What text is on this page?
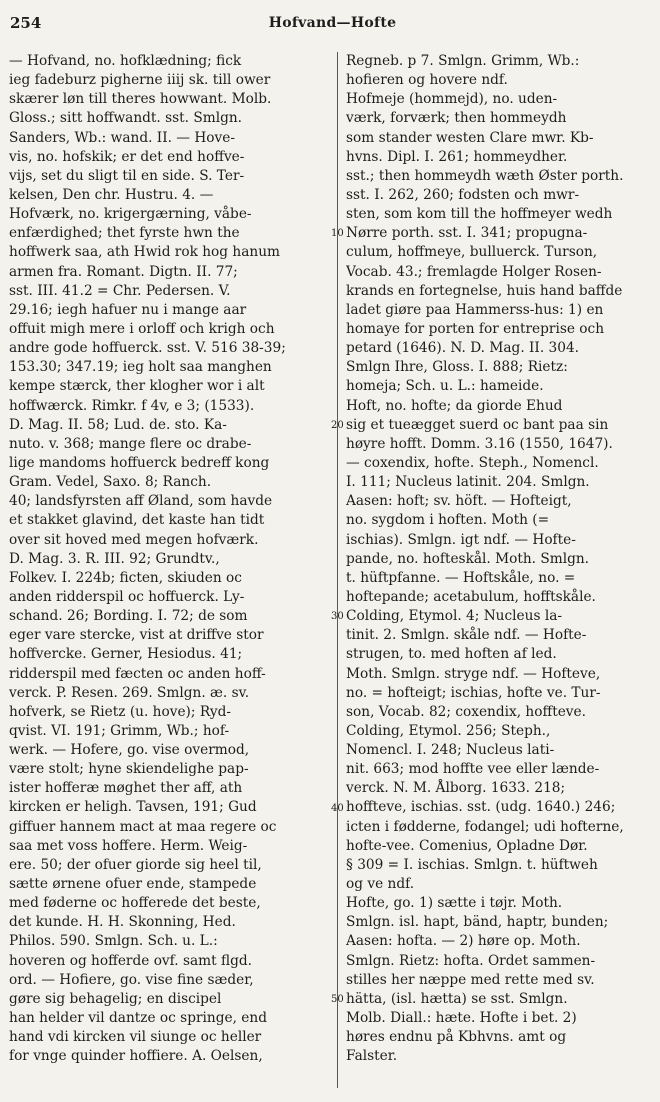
254	Hofvand—Hofte
— Hofvand, no. hofklædning; fick
ieg fadeburz pigherne iiij sk. till ower
skærer løn till theres howwant. Molb.
Gloss.; sitt hoffwandt. sst. Smlgn.
Sanders, Wb.: wand. II. — Hove-
vis, no. hofskik; er det end hoffve-
vijs, set du sligt til en side. S. Ter-
kelsen, Den chr. Hustru. 4. —
Hofværk, no. krigergærning, våbe-
enfærdighed; thet fyrste hwn the
hoffwerk saa, ath Hwid rok hog hanum
armen fra. Romant. Digtn. II. 77;
sst. III. 41.2 = Chr. Pedersen. V.
29.16; iegh hafuer nu i mange aar
offuit migh mere i orloff och krigh och
andre gode hoffuerck. sst. V. 516 38-39;
153.30; 347.19; ieg holt saa manghen
kempe stærck, ther klogher wor i alt
hoffwærck. Rimkr. f 4v, e 3; (1533).
D. Mag. II. 58; Lud. de. sto. Ka-
nuto. v. 368; mange flere oc drabe-
lige mandoms hoffuerck bedreff kong
Gram. Vedel, Saxo. 8; Ranch.
40; landsfyrsten aff Øland, som havde
et stakket glavind, det kaste han tidt
over sit hoved med megen hofværk.
D. Mag. 3. R. III. 92; Grundtv.,
Folkev. I. 224b; ficten, skiuden oc
anden ridderspil oc hoffuerck. Ly-
schand. 26; Bording. I. 72; de som
eger vare stercke, vist at driffve stor
hoffvercke. Gerner, Hesiodus. 41;
ridderspil med fæcten oc anden hoff-
verck. P. Resen. 269. Smlgn. æ. sv.
hofverk, se Rietz (u. hove); Ryd-
qvist. VI. 191; Grimm, Wb.; hof-
werk. — Hofere, go. vise overmod,
være stolt; hyne skiendelighe pap-
ister hofferæ møghet ther aff, ath
kircken er heligh. Tavsen, 191; Gud
giffuer hannem mact at maa regere oc
saa met voss hoffere. Herm. Weig-
ere. 50; der ofuer giorde sig heel til,
sætte ørnene ofuer ende, stampede
med føderne oc hofferede det beste,
det kunde. H. H. Skonning, Hed.
Philos. 590. Smlgn. Sch. u. L.:
hoveren og hofferde ovf. samt flgd.
ord. — Hofiere, go. vise fine sæder,
gøre sig behagelig; en discipel
han helder vil dantze oc springe, end
hand vdi kircken vil siunge oc heller
for vnge quinder hoffiere. A. Oelsen,
Regneb. p 7. Smlgn. Grimm, Wb.:
hofieren og hovere ndf.
Hofmeje (hommejd), no. uden-
værk, forværk; then hommeydh
som stander westen Clare mwr. Kb-
hvns. Dipl. I. 261; hommeydher.
sst.; then hommeydh wæth Øster porth.
sst. I. 262, 260; fodsten och mwr-
sten, som kom till the hoffmeyer wedh
Nørre porth. sst. I. 341; propugna-
culum, hoffmeye, bulluerck. Turson,
Vocab. 43.; fremlagde Holger Rosen-
krands en fortegnelse, huis hand baffde
ladet giøre paa Hammerss-hus: 1) en
homaye for porten for entreprise och
petard (1646). N. D. Mag. II. 304.
Smlgn Ihre, Gloss. I. 888; Rietz:
homeja; Sch. u. L.: hameide.
Hoft, no. hofte; da giorde Ehud
sig et tueægget suerd oc bant paa sin
høyre hofft. Domm. 3.16 (1550, 1647).
— coxendix, hofte. Steph., Nomencl.
I. 111; Nucleus latinit. 204. Smlgn.
Aasen: hoft; sv. höft. — Hofteigt,
no. sygdom i hoften. Moth (=
ischias). Smlgn. igt ndf. — Hofte-
pande, no. hofteskål. Moth. Smlgn.
t. hüftpfanne. — Hoftskåle, no. =
hoftepande; acetabulum, hofftskåle.
Colding, Etymol. 4; Nucleus la-
tinit. 2. Smlgn. skåle ndf. — Hofte-
strugen, to. med hoften af led.
Moth. Smlgn. stryge ndf. — Hofteve,
no. = hofteigt; ischias, hofte ve. Tur-
son, Vocab. 82; coxendix, hoffteve.
Colding, Etymol. 256; Steph.,
Nomencl. I. 248; Nucleus lati-
nit. 663; mod hoffte vee eller lænde-
verck. N. M. Ålborg. 1633. 218;
hoffteve, ischias. sst. (udg. 1640.) 246;
icten i fødderne, fodangel; udi hofterne,
hofte-vee. Comenius, Opladne Dør.
§ 309 = I. ischias. Smlgn. t. hüftweh
og ve ndf.
Hofte, go. 1) sætte i tøjr. Moth.
Smlgn. isl. hapt, bänd, haptr, bunden;
Aasen: hofta. — 2) høre op. Moth.
Smlgn. Rietz: hofta. Ordet sammen-
stilles her næppe med rette med sv.
hätta, (isl. hætta) se sst. Smlgn.
Molb. Diall.: hæte. Hofte i bet. 2)
høres endnu på Kbhvns. amt og
Falster.
10
20
30
40
50
